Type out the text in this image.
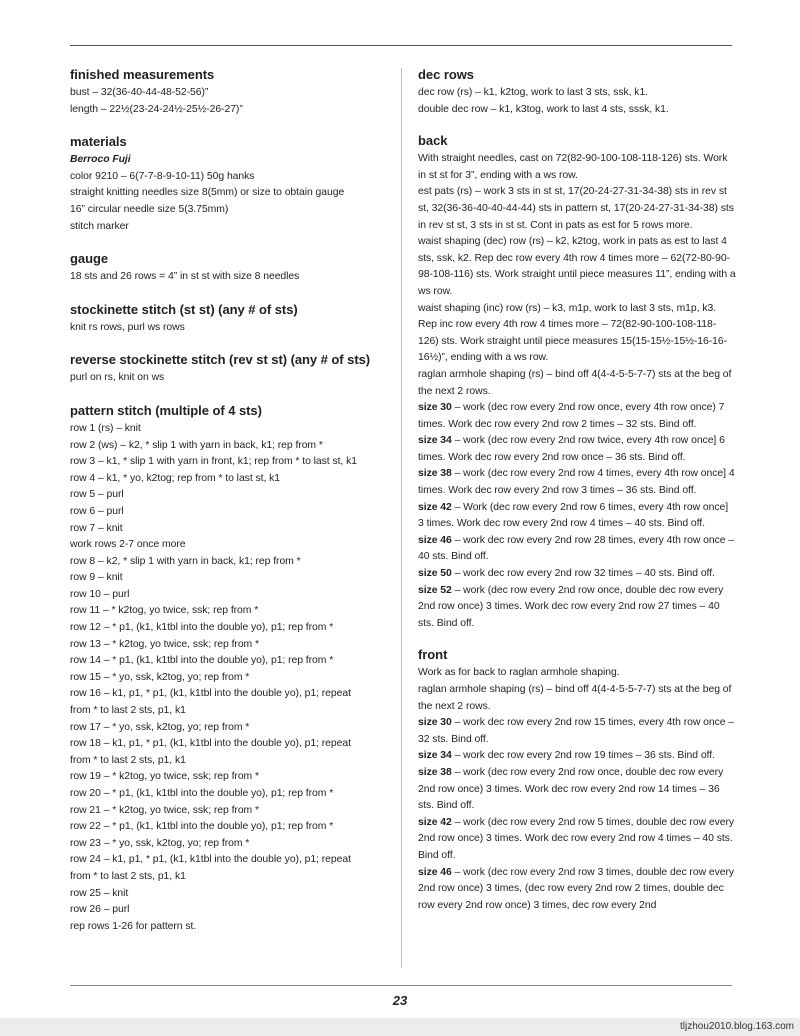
finished measurements
bust – 32(36-40-44-48-52-56)”
length – 22½(23-24-24½-25½-26-27)”
materials
Berroco Fuji
color 9210 – 6(7-7-8-9-10-11) 50g hanks
straight knitting needles size 8(5mm) or size to obtain gauge
16” circular needle size 5(3.75mm)
stitch marker
gauge
18 sts and 26 rows = 4” in st st with size 8 needles
stockinette stitch (st st) (any # of sts)
knit rs rows, purl ws rows
reverse stockinette stitch (rev st st) (any # of sts)
purl on rs, knit on ws
pattern stitch (multiple of 4 sts)
row 1 (rs) – knit
row 2 (ws) – k2, * slip 1 with yarn in back, k1; rep from *
row 3 – k1, * slip 1 with yarn in front, k1; rep from * to last st, k1
row 4 – k1, * yo, k2tog; rep from * to last st, k1
row 5 – purl
row 6 – purl
row 7 – knit
work rows 2-7 once more
row 8 – k2, * slip 1 with yarn in back, k1; rep from *
row 9 – knit
row 10 – purl
row 11 – * k2tog, yo twice, ssk; rep from *
row 12 – * p1, (k1, k1tbl into the double yo), p1; rep from *
row 13 – * k2tog, yo twice, ssk; rep from *
row 14 – * p1, (k1, k1tbl into the double yo), p1; rep from *
row 15 – * yo, ssk, k2tog, yo; rep from *
row 16 – k1, p1, * p1, (k1, k1tbl into the double yo), p1; repeat
from * to last 2 sts, p1, k1
row 17 – * yo, ssk, k2tog, yo; rep from *
row 18 – k1, p1, * p1, (k1, k1tbl into the double yo), p1; repeat
from * to last 2 sts, p1, k1
row 19 – * k2tog, yo twice, ssk; rep from *
row 20 – * p1, (k1, k1tbl into the double yo), p1; rep from *
row 21 – * k2tog, yo twice, ssk; rep from *
row 22 – * p1, (k1, k1tbl into the double yo), p1; rep from *
row 23 – * yo, ssk, k2tog, yo; rep from *
row 24 – k1, p1, * p1, (k1, k1tbl into the double yo), p1; repeat
from * to last 2 sts, p1, k1
row 25 – knit
row 26 – purl
rep rows 1-26 for pattern st.
dec rows
dec row (rs) – k1, k2tog, work to last 3 sts, ssk, k1.
double dec row – k1, k3tog, work to last 4 sts, sssk, k1.
back
With straight needles, cast on 72(82-90-100-108-118-126) sts. Work in st st for 3”, ending with a ws row.
est pats (rs) – work 3 sts in st st, 17(20-24-27-31-34-38) sts in rev st st, 32(36-36-40-40-44-44) sts in pattern st, 17(20-24-27-31-34-38) sts in rev st st, 3 sts in st st. Cont in pats as est for 5 rows more.
waist shaping (dec) row (rs) – k2, k2tog, work in pats as est to last 4 sts, ssk, k2. Rep dec row every 4th row 4 times more – 62(72-80-90-98-108-116) sts. Work straight until piece measures 11”, ending with a ws row.
waist shaping (inc) row (rs) – k3, m1p, work to last 3 sts, m1p, k3. Rep inc row every 4th row 4 times more – 72(82-90-100-108-118-126) sts. Work straight until piece measures 15(15-15½-15½-16-16-16½)”, ending with a ws row.
raglan armhole shaping (rs) – bind off 4(4-4-5-5-7-7) sts at the beg of the next 2 rows.
size 30 – work (dec row every 2nd row once, every 4th row once) 7 times. Work dec row every 2nd row 2 times – 32 sts. Bind off.
size 34 – work (dec row every 2nd row twice, every 4th row once] 6 times. Work dec row every 2nd row once – 36 sts. Bind off.
size 38 – work (dec row every 2nd row 4 times, every 4th row once] 4 times. Work dec row every 2nd row 3 times – 36 sts. Bind off.
size 42 – Work (dec row every 2nd row 6 times, every 4th row once] 3 times. Work dec row every 2nd row 4 times – 40 sts. Bind off.
size 46 – work dec row every 2nd row 28 times, every 4th row once – 40 sts. Bind off.
size 50 – work dec row every 2nd row 32 times – 40 sts. Bind off.
size 52 – work (dec row every 2nd row once, double dec row every 2nd row once) 3 times. Work dec row every 2nd row 27 times – 40 sts. Bind off.
front
Work as for back to raglan armhole shaping.
raglan armhole shaping (rs) – bind off 4(4-4-5-5-7-7) sts at the beg of the next 2 rows.
size 30 – work dec row every 2nd row 15 times, every 4th row once – 32 sts. Bind off.
size 34 – work dec row every 2nd row 19 times – 36 sts. Bind off.
size 38 – work (dec row every 2nd row once, double dec row every 2nd row once) 3 times. Work dec row every 2nd row 14 times – 36 sts. Bind off.
size 42 – work (dec row every 2nd row 5 times, double dec row every 2nd row once) 3 times. Work dec row every 2nd row 4 times – 40 sts. Bind off.
size 46 – work (dec row every 2nd row 3 times, double dec row every 2nd row once) 3 times, (dec row every 2nd row 2 times, double dec row every 2nd row once) 3 times, dec row every 2nd
23
tljzhou2010.blog.163.com
